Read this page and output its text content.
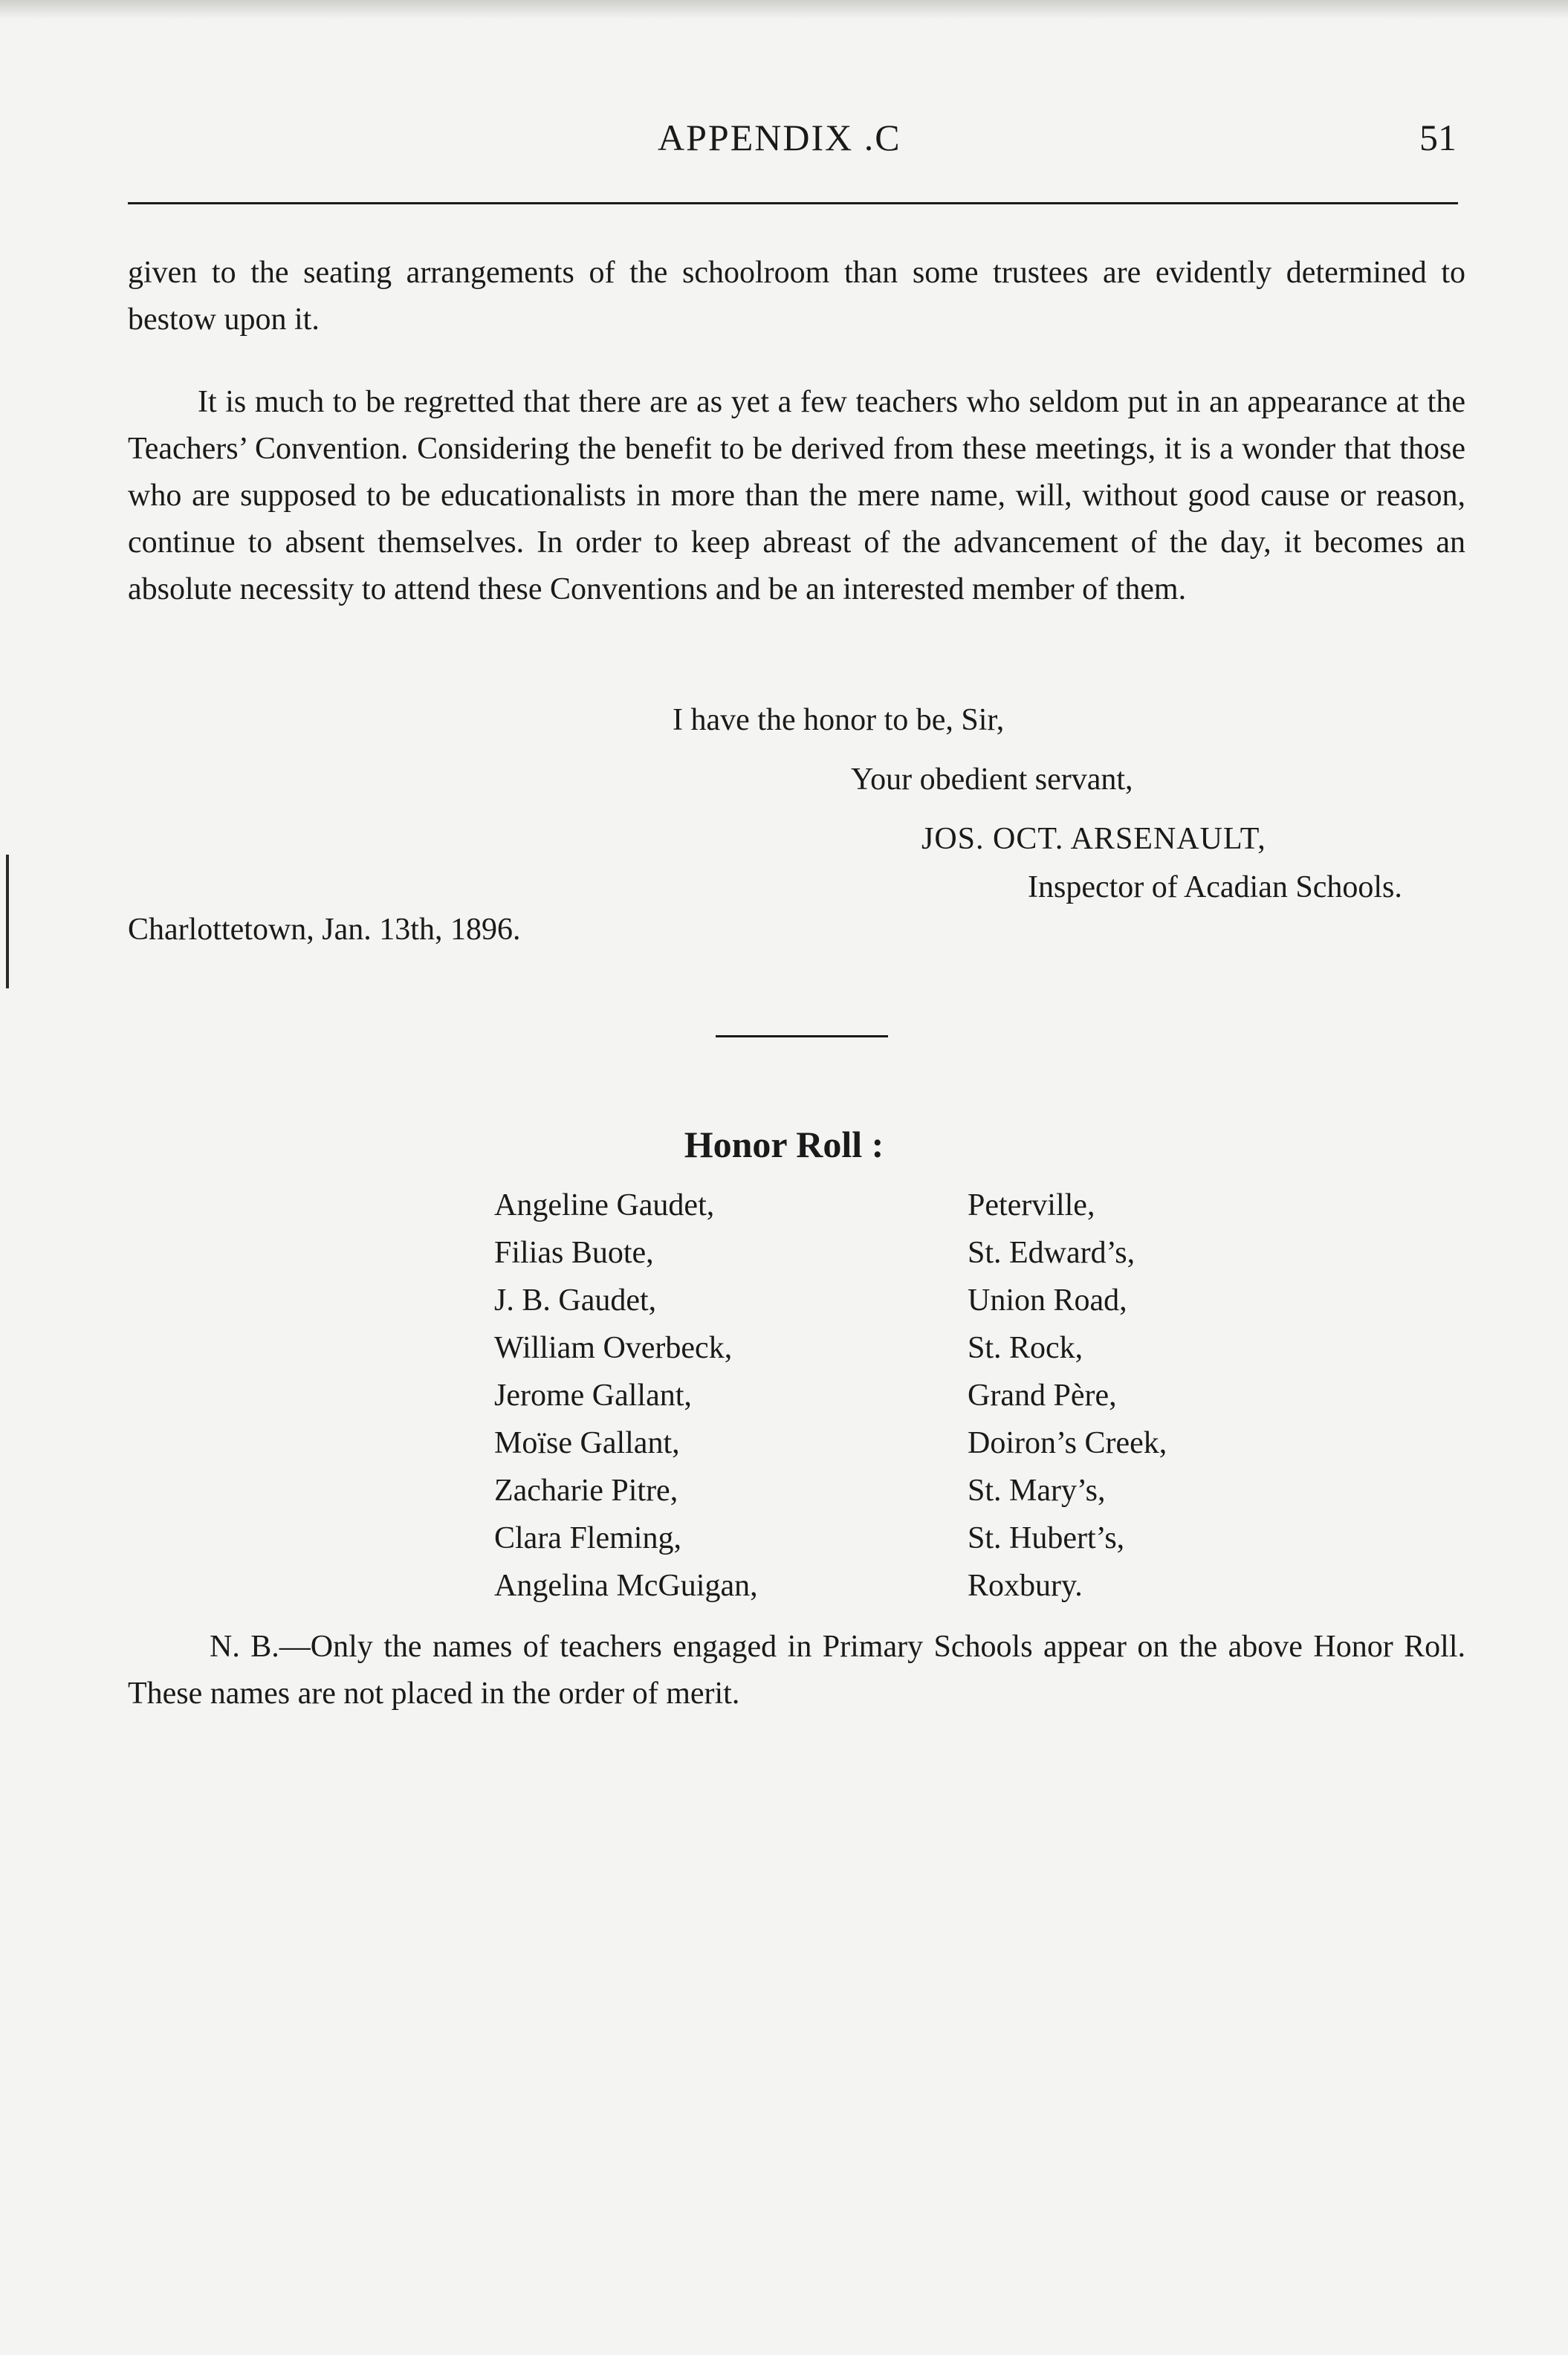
APPENDIX .C	51

given to the seating arrangements of the schoolroom than some trustees are evidently determined to bestow upon it.

It is much to be regretted that there are as yet a few teachers who seldom put in an appearance at the Teachers’ Convention. Considering the benefit to be derived from these meetings, it is a wonder that those who are supposed to be educationalists in more than the mere name, will, without good cause or reason, continue to absent themselves. In order to keep abreast of the advancement of the day, it becomes an absolute necessity to attend these Conventions and be an interested member of them.

I have the honor to be, Sir,
Your obedient servant,
JOS. OCT. ARSENAULT,
Inspector of Acadian Schools.
Charlottetown, Jan. 13th, 1896.
Honor Roll :
Angeline Gaudet,	Peterville,
Filias Buote,	St. Edward’s,
J. B. Gaudet,	Union Road,
William Overbeck,	St. Rock,
Jerome Gallant,	Grand Père,
Moïse Gallant,	Doiron’s Creek,
Zacharie Pitre,	St. Mary’s,
Clara Fleming,	St. Hubert’s,
Angelina McGuigan,	Roxbury.

N. B.—Only the names of teachers engaged in Primary Schools appear on the above Honor Roll. These names are not placed in the order of merit.
